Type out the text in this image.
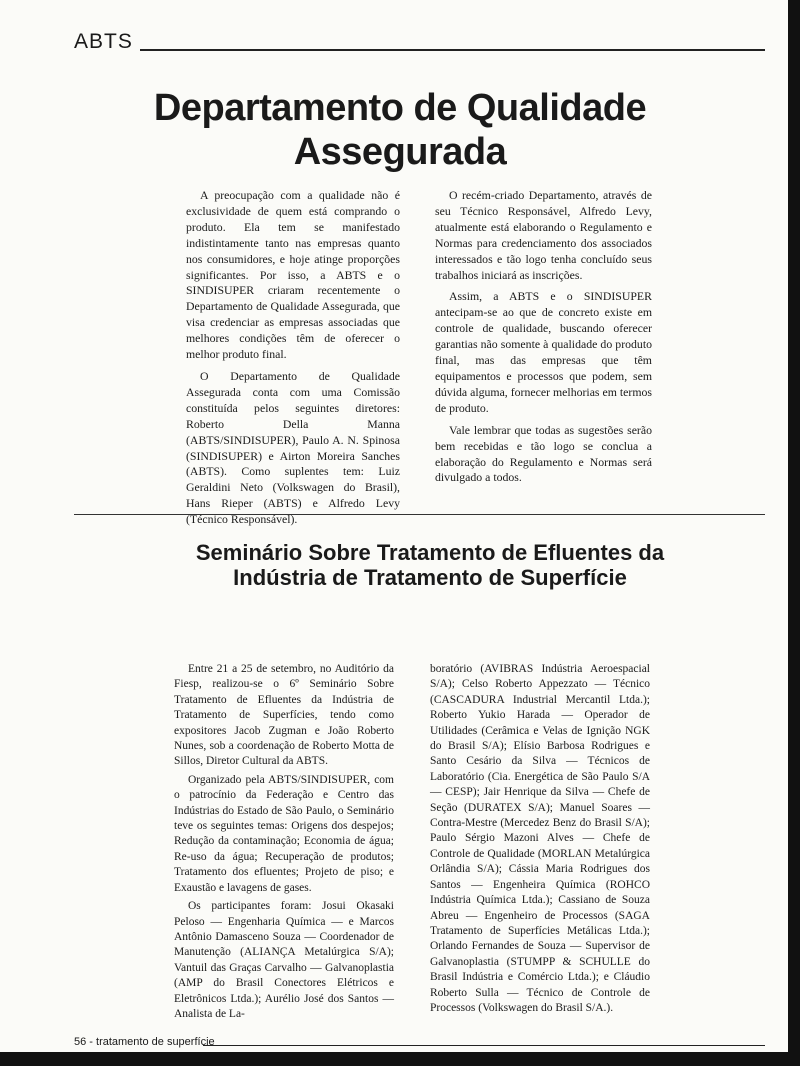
ABTS
Departamento de Qualidade Assegurada

A preocupação com a qualidade não é exclusividade de quem está comprando o produto. Ela tem se manifestado indistintamente tanto nas empresas quanto nos consumidores, e hoje atinge proporções significantes. Por isso, a ABTS e o SINDISUPER criaram recentemente o Departamento de Qualidade Assegurada, que visa credenciar as empresas associadas que melhores condições têm de oferecer o melhor produto final.

O Departamento de Qualidade Assegurada conta com uma Comissão constituída pelos seguintes diretores: Roberto Della Manna (ABTS/SINDISUPER), Paulo A. N. Spinosa (SINDISUPER) e Airton Moreira Sanches (ABTS). Como suplentes tem: Luiz Geraldini Neto (Volkswagen do Brasil), Hans Rieper (ABTS) e Alfredo Levy (Técnico Responsável).

O recém-criado Departamento, através de seu Técnico Responsável, Alfredo Levy, atualmente está elaborando o Regulamento e Normas para credenciamento dos associados interessados e tão logo tenha concluído seus trabalhos iniciará as inscrições.

Assim, a ABTS e o SINDISUPER antecipam-se ao que de concreto existe em controle de qualidade, buscando oferecer garantias não somente à qualidade do produto final, mas das empresas que têm equipamentos e processos que podem, sem dúvida alguma, fornecer melhorias em termos de produto.

Vale lembrar que todas as sugestões serão bem recebidas e tão logo se conclua a elaboração do Regulamento e Normas será divulgado a todos.

Seminário Sobre Tratamento de Efluentes da Indústria de Tratamento de Superfície

Entre 21 a 25 de setembro, no Auditório da Fiesp, realizou-se o 6º Seminário Sobre Tratamento de Efluentes da Indústria de Tratamento de Superfícies, tendo como expositores Jacob Zugman e João Roberto Nunes, sob a coordenação de Roberto Motta de Sillos, Diretor Cultural da ABTS.

Organizado pela ABTS/SINDISUPER, com o patrocínio da Federação e Centro das Indústrias do Estado de São Paulo, o Seminário teve os seguintes temas: Origens dos despejos; Redução da contaminação; Economia de água; Re-uso da água; Recuperação de produtos; Tratamento dos efluentes; Projeto de piso; e Exaustão e lavagens de gases.

Os participantes foram: Josui Okasaki Peloso — Engenharia Química — e Marcos Antônio Damasceno Souza — Coordenador de Manutenção (ALIANÇA Metalúrgica S/A); Vantuil das Graças Carvalho — Galvanoplastia (AMP do Brasil Conectores Elétricos e Eletrônicos Ltda.); Aurélio José dos Santos — Analista de La-

boratório (AVIBRAS Indústria Aeroespacial S/A); Celso Roberto Appezzato — Técnico (CASCADURA Industrial Mercantil Ltda.); Roberto Yukio Harada — Operador de Utilidades (Cerâmica e Velas de Ignição NGK do Brasil S/A); Elísio Barbosa Rodrigues e Santo Cesário da Silva — Técnicos de Laboratório (Cia. Energética de São Paulo S/A — CESP); Jair Henrique da Silva — Chefe de Seção (DURATEX S/A); Manuel Soares — Contra-Mestre (Mercedez Benz do Brasil S/A); Paulo Sérgio Mazoni Alves — Chefe de Controle de Qualidade (MORLAN Metalúrgica Orlândia S/A); Cássia Maria Rodrigues dos Santos — Engenheira Química (ROHCO Indústria Química Ltda.); Cassiano de Souza Abreu — Engenheiro de Processos (SAGA Tratamento de Superfícies Metálicas Ltda.); Orlando Fernandes de Souza — Supervisor de Galvanoplastia (STUMPP & SCHULLE do Brasil Indústria e Comércio Ltda.); e Cláudio Roberto Sulla — Técnico de Controle de Processos (Volkswagen do Brasil S/A.).

56 - tratamento de superfície
